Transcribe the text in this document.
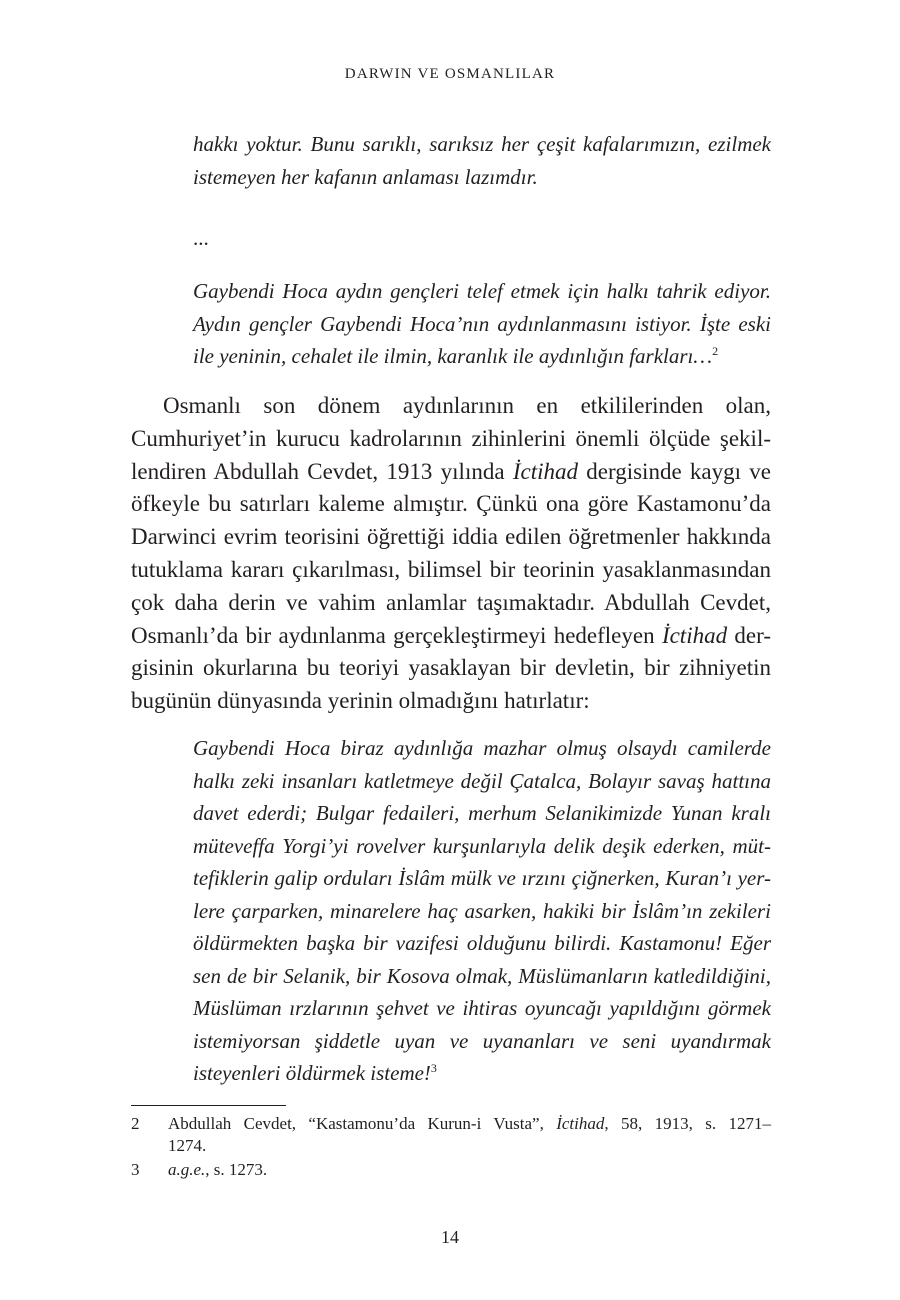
DARWIN VE OSMANLILAR
hakkı yoktur. Bunu sarıklı, sarıksız her çeşit kafalarımızın, ezilmek
istemeyen her kafanın anlaması lazımdır.
...
Gaybendi Hoca aydın gençleri telef etmek için halkı tahrik ediyor.
Aydın gençler Gaybendi Hoca’nın aydınlanmasını istiyor. İşte eski
ile yeninin, cehalet ile ilmin, karanlık ile aydınlığın farkları…$^2$
Osmanlı son dönem aydınlarının en etkililerinden olan,
Cumhuriyet’in kurucu kadrolarının zihinlerini önemli ölçüde şekil-
lendiren Abdullah Cevdet, 1913 yılında İctihad dergisinde kaygı ve
öfkeyle bu satırları kaleme almıştır. Çünkü ona göre Kastamonu’da
Darwinci evrim teorisini öğrettiği iddia edilen öğretmenler hakkında
tutuklama kararı çıkarılması, bilimsel bir teorinin yasaklanmasından
çok daha derin ve vahim anlamlar taşımaktadır. Abdullah Cevdet,
Osmanlı’da bir aydınlanma gerçekleştirmeyi hedefleyen İctihad der-
gisinin okurlarına bu teoriyi yasaklayan bir devletin, bir zihniyetin
bugünün dünyasında yerinin olmadığını hatırlatır:
Gaybendi Hoca biraz aydınlığa mazhar olmuş olsaydı camilerde
halkı zeki insanları katletmeye değil Çatalca, Bolayır savaş hattına
davet ederdi; Bulgar fedaileri, merhum Selanikimizde Yunan kralı
müteveffa Yorgi’yi rovelver kurşunlarıyla delik deşik ederken, müt-
tefiklerin galip orduları İslâm mülk ve ırzını çiğnerken, Kuran’ı yer-
lere çarparken, minarelere haç asarken, hakiki bir İslâm’ın zekileri
öldürmekten başka bir vazifesi olduğunu bilirdi. Kastamonu! Eğer
sen de bir Selanik, bir Kosova olmak, Müslümanların katledildiğini,
Müslüman ırzlarının şehvet ve ihtiras oyuncağı yapıldığını görmek
istemiyorsan şiddetle uyan ve uyananları ve seni uyandırmak
isteyenleri öldürmek isteme!$^3$
2	Abdullah Cevdet, “Kastamonu’da Kurun-i Vusta”, İctihad, 58, 1913, s. 1271–
1274.
3	a.g.e., s. 1273.
14
